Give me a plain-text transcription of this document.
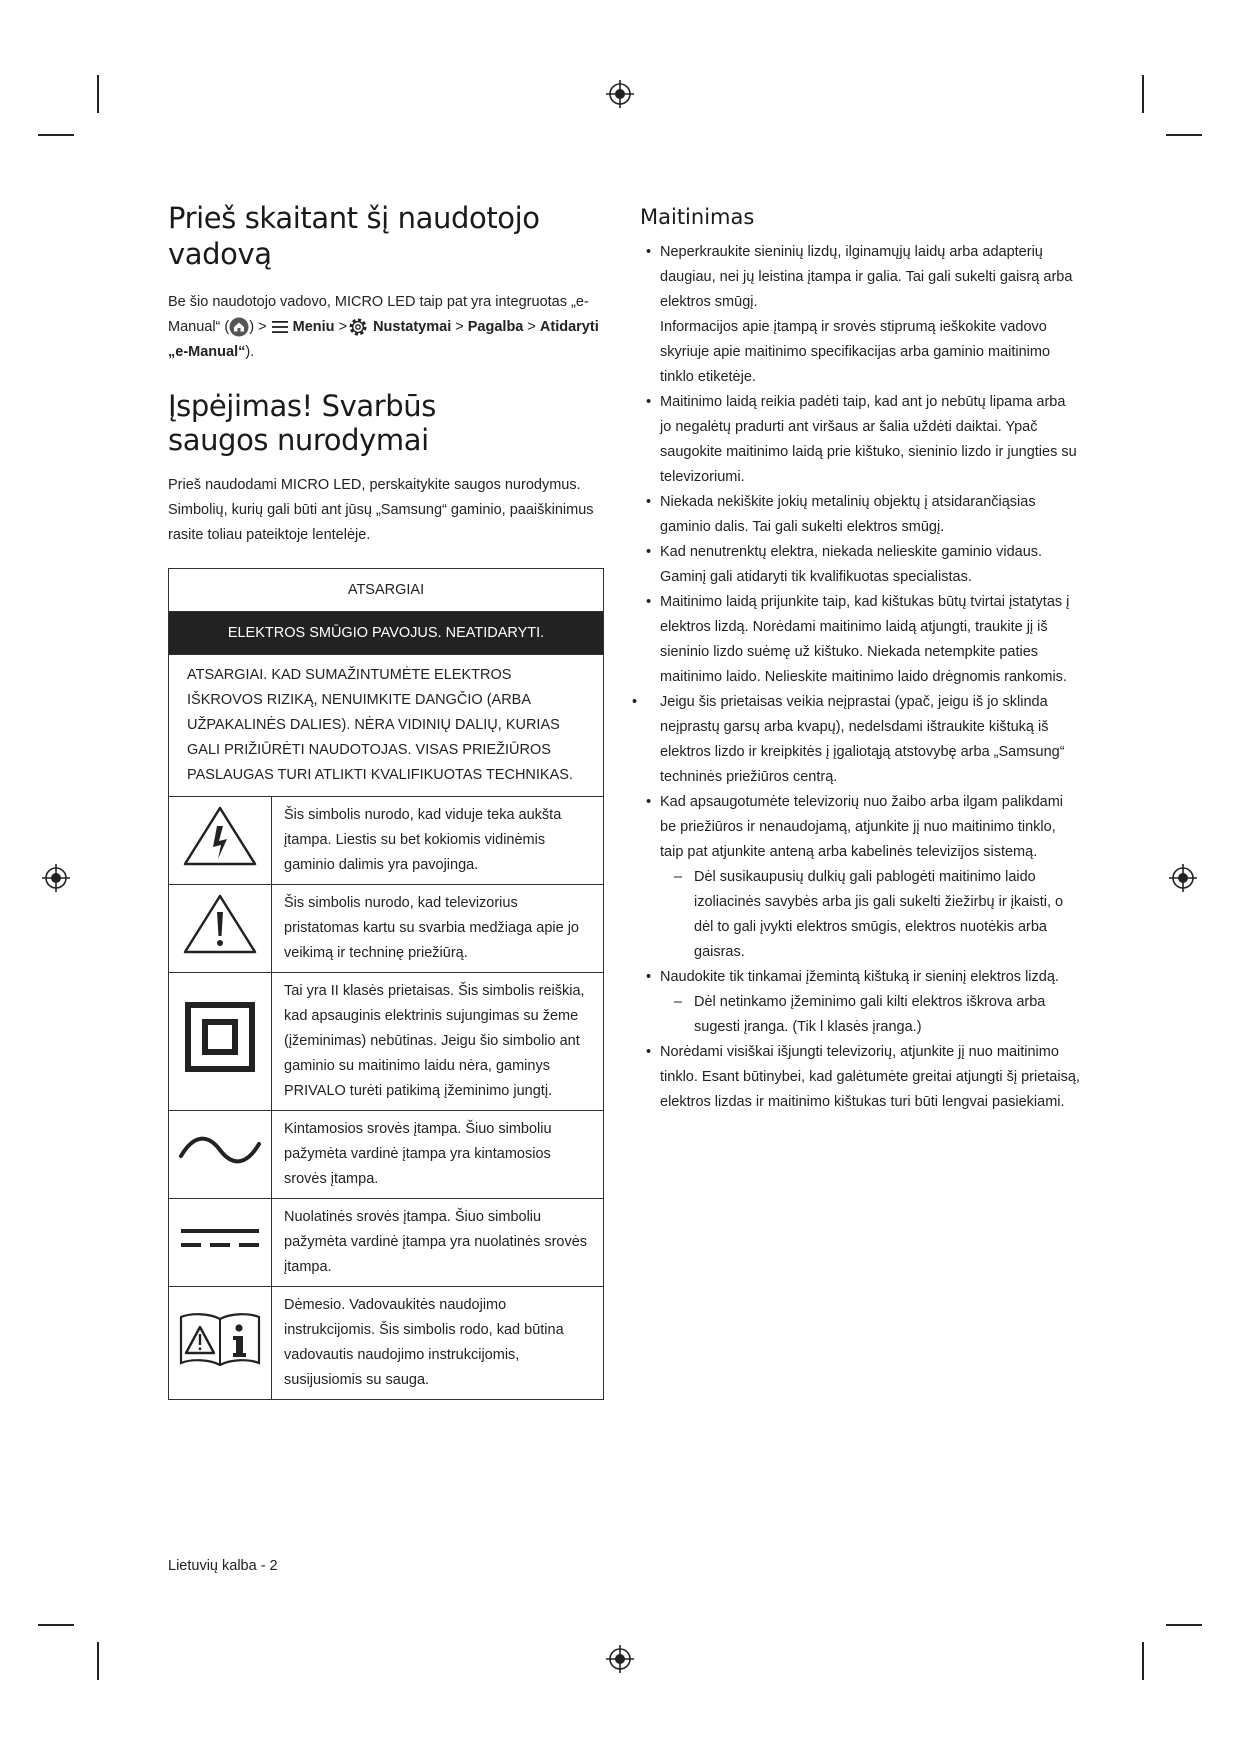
Prieš skaitant šį naudotojo vadovą

Be šio naudotojo vadovo, MICRO LED taip pat yra integruotas „e-Manual“ ( ) > Meniu > Nustatymai > Pagalba > Atidaryti „e-Manual“).

Įspėjimas! Svarbūs saugos nurodymai

Prieš naudodami MICRO LED, perskaitykite saugos nurodymus. Simbolių, kurių gali būti ant jūsų „Samsung“ gaminio, paaiškinimus rasite toliau pateiktoje lentelėje.

ATSARGIAI	
ELEKTROS SMŪGIO PAVOJUS. NEATIDARYTI.	
ATSARGIAI. KAD SUMAŽINTUMĖTE ELEKTROS IŠKROVOS RIZIKĄ, NENUIMKITE DANGČIO (ARBA UŽPAKALINĖS DALIES). NĖRA VIDINIŲ DALIŲ, KURIAS GALI PRIŽIŪRĖTI NAUDOTOJAS. VISAS PRIEŽIŪROS PASLAUGAS TURI ATLIKTI KVALIFIKUOTAS TECHNIKAS.	
	Šis simbolis nurodo, kad viduje teka aukšta įtampa. Liestis su bet kokiomis vidinėmis gaminio dalimis yra pavojinga.
	Šis simbolis nurodo, kad televizorius pristatomas kartu su svarbia medžiaga apie jo veikimą ir techninę priežiūrą.
	Tai yra II klasės prietaisas. Šis simbolis reiškia, kad apsauginis elektrinis sujungimas su žeme (įžeminimas) nebūtinas. Jeigu šio simbolio ant gaminio su maitinimo laidu nėra, gaminys PRIVALO turėti patikimą įžeminimo jungtį.
	Kintamosios srovės įtampa. Šiuo simboliu pažymėta vardinė įtampa yra kintamosios srovės įtampa.
	Nuolatinės srovės įtampa. Šiuo simboliu pažymėta vardinė įtampa yra nuolatinės srovės įtampa.
	Dėmesio. Vadovaukitės naudojimo instrukcijomis. Šis simbolis rodo, kad būtina vadovautis naudojimo instrukcijomis, susijusiomis su sauga.
Maitinimas
• Neperkraukite sieninių lizdų, ilginamųjų laidų arba adapterių daugiau, nei jų leistina įtampa ir galia. Tai gali sukelti gaisrą arba elektros smūgį.
Informacijos apie įtampą ir srovės stiprumą ieškokite vadovo skyriuje apie maitinimo specifikacijas arba gaminio maitinimo tinklo etiketėje.
• Maitinimo laidą reikia padėti taip, kad ant jo nebūtų lipama arba jo negalėtų pradurti ant viršaus ar šalia uždėti daiktai. Ypač saugokite maitinimo laidą prie kištuko, sieninio lizdo ir jungties su televizoriumi.
• Niekada nekiškite jokių metalinių objektų į atsidarančiąsias gaminio dalis. Tai gali sukelti elektros smūgį.
• Kad nenutrenktų elektra, niekada nelieskite gaminio vidaus. Gaminį gali atidaryti tik kvalifikuotas specialistas.
• Maitinimo laidą prijunkite taip, kad kištukas būtų tvirtai įstatytas į elektros lizdą. Norėdami maitinimo laidą atjungti, traukite jį iš sieninio lizdo suėmę už kištuko. Niekada netempkite paties maitinimo laido. Nelieskite maitinimo laido drėgnomis rankomis.
• Jeigu šis prietaisas veikia neįprastai (ypač, jeigu iš jo sklinda neįprastų garsų arba kvapų), nedelsdami ištraukite kištuką iš elektros lizdo ir kreipkitės į įgaliotąją atstovybę arba „Samsung“ techninės priežiūros centrą.
• Kad apsaugotumėte televizorių nuo žaibo arba ilgam palikdami be priežiūros ir nenaudojamą, atjunkite jį nuo maitinimo tinklo, taip pat atjunkite anteną arba kabelinės televizijos sistemą.
– Dėl susikaupusių dulkių gali pablogėti maitinimo laido izoliacinės savybės arba jis gali sukelti žiežirbų ir įkaisti, o dėl to gali įvykti elektros smūgis, elektros nuotėkis arba gaisras.
• Naudokite tik tinkamai įžemintą kištuką ir sieninį elektros lizdą.
– Dėl netinkamo įžeminimo gali kilti elektros iškrova arba sugesti įranga. (Tik l klasės įranga.)
• Norėdami visiškai išjungti televizorių, atjunkite jį nuo maitinimo tinklo. Esant būtinybei, kad galėtumėte greitai atjungti šį prietaisą, elektros lizdas ir maitinimo kištukas turi būti lengvai pasiekiami.
Lietuvių kalba - 2
